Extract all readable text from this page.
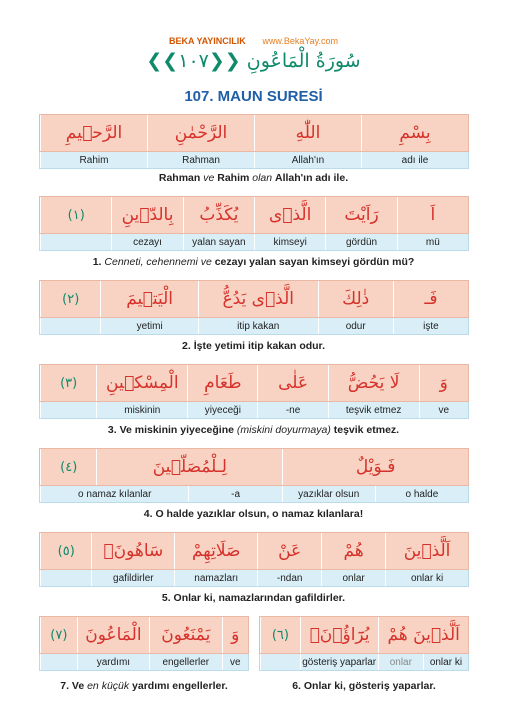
BEKA YAYINCILIK www.BekaYay.com
❮❮١٠٧❯❯ سُورَةُ الْمَاعُونِ
107. MAUN SURESİ
بِسْمِ
اللّٰهِ
الرَّحْمٰنِ
الرَّح۪يمِ
adı ile
Allah'ın
Rahman
Rahim
Rahman ve Rahim olan Allah'ın adı ile.
اَ
رَاَيْتَ
الَّذ۪ى
يُكَذِّبُ
بِالدّ۪ينِ
( ١ )
mü
gördün
kimseyi
yalan sayan
cezayı
1. Cenneti, cehennemi ve cezayı yalan sayan kimseyi gördün mü?
فَـ
ذٰلِكَ
الَّذ۪ى يَدُعُّ
الْيَت۪يمَ
( ٢ )
işte
odur
itip kakan
yetimi
2. İşte yetimi itip kakan odur.
وَ
لَا يَحُضُّ
عَلٰى
طَعَامِ
الْمِسْك۪ينِ
( ٣ )
ve
teşvik etmez
-ne
yiyeceği
miskinin
3. Ve miskinin yiyeceğine (miskini doyurmaya) teşvik etmez.
فَـوَيْلٌ
لِـلْمُصَلّ۪ينَ
( ٤ )
o halde
yazıklar olsun
-a
o namaz kılanlar
4. O halde yazıklar olsun, o namaz kılanlara!
اَلَّذ۪ينَ
هُمْ
عَنْ
صَلَاتِهِمْ
سَاهُونَۙ
( ٥ )
onlar ki
onlar
-ndan
namazları
gafildirler
5. Onlar ki, namazlarından gafildirler.
وَ
يَمْنَعُونَ
الْمَاعُونَ
( ٧ )
ve
engellerler
yardımı
7. Ve en küçük yardımı engellerler.
اَلَّذ۪ينَ هُمْ
يُرَٓاؤُ۫نَۙ
( ٦ )
onlar ki
onlar
gösteriş yaparlar
6. Onlar ki, gösteriş yaparlar.
